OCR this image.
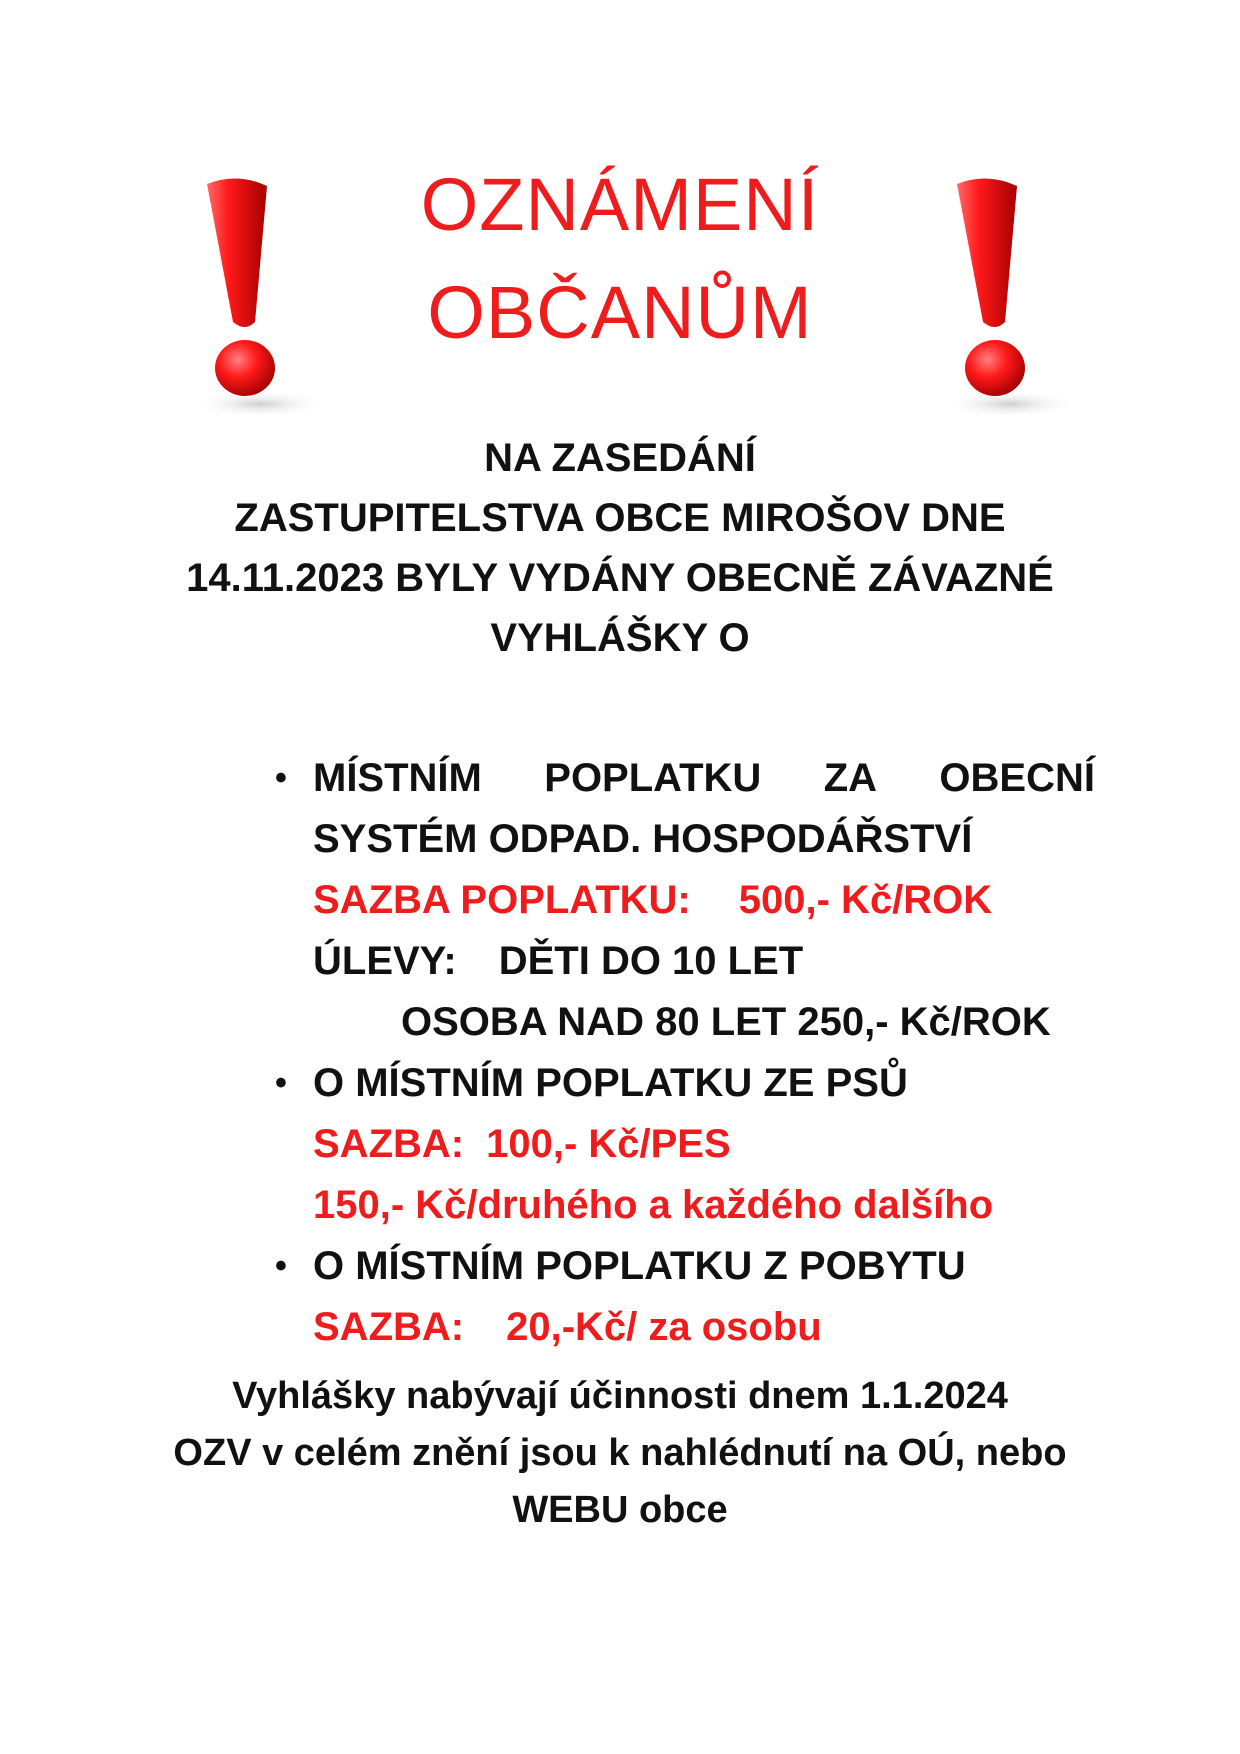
OZNÁMENÍ
OBČANŮM
NA ZASEDÁNÍ
ZASTUPITELSTVA OBCE MIROŠOV DNE
14.11.2023 BYLY VYDÁNY OBECNĚ ZÁVAZNÉ
VYHLÁŠKY O
• MÍSTNÍM POPLATKU ZA OBECNÍ
SYSTÉM ODPAD. HOSPODÁŘSTVÍ
SAZBA POPLATKU: 500,- Kč/ROK
ÚLEVY: DĚTI DO 10 LET
OSOBA NAD 80 LET 250,- Kč/ROK
• O MÍSTNÍM POPLATKU ZE PSŮ
SAZBA: 100,- Kč/PES
150,- Kč/druhého a každého dalšího
• O MÍSTNÍM POPLATKU Z POBYTU
SAZBA: 20,-Kč/ za osobu
Vyhlášky nabývají účinnosti dnem 1.1.2024
OZV v celém znění jsou k nahlédnutí na OÚ, nebo
WEBU obce
